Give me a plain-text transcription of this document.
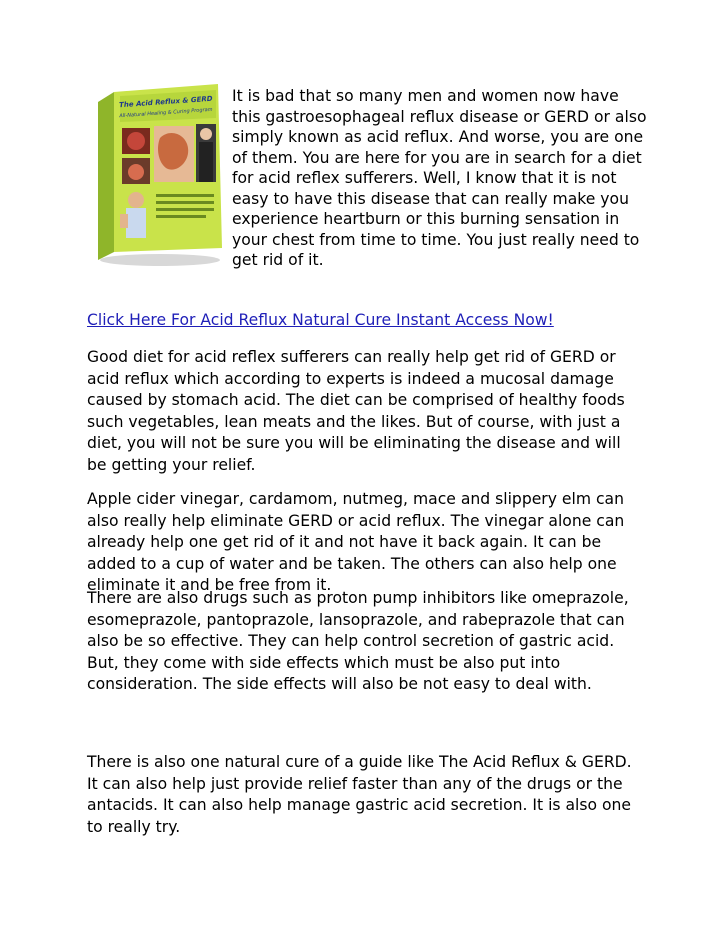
The Acid Reflux & GERD
All-Natural Healing & Curing Program

It is bad that so many men and women now have this gastroesophageal reflux disease or GERD or also simply known as acid reflux. And worse, you are one of them. You are here for you are in search for a diet for acid reflex sufferers. Well, I know that it is not easy to have this disease that can really make you experience heartburn or this burning sensation in your chest from time to time. You just really need to get rid of it.

Click Here For Acid Reflux Natural Cure Instant Access Now!

Good diet for acid reflex sufferers can really help get rid of GERD or acid reflux which according to experts is indeed a mucosal damage caused by stomach acid. The diet can be comprised of healthy foods such vegetables, lean meats and the likes. But of course, with just a diet, you will not be sure you will be eliminating the disease and will be getting your relief.

Apple cider vinegar, cardamom, nutmeg, mace and slippery elm can also really help eliminate GERD or acid reflux. The vinegar alone can already help one get rid of it and not have it back again. It can be added to a cup of water and be taken. The others can also help one eliminate it and be free from it.

There are also drugs such as proton pump inhibitors like omeprazole, esomeprazole, pantoprazole, lansoprazole, and rabeprazole that can also be so effective. They can help control secretion of gastric acid. But, they come with side effects which must be also put into consideration. The side effects will also be not easy to deal with.

There is also one natural cure of a guide like The Acid Reflux & GERD. It can also help just provide relief faster than any of the drugs or the antacids. It can also help manage gastric acid secretion. It is also one to really try.
